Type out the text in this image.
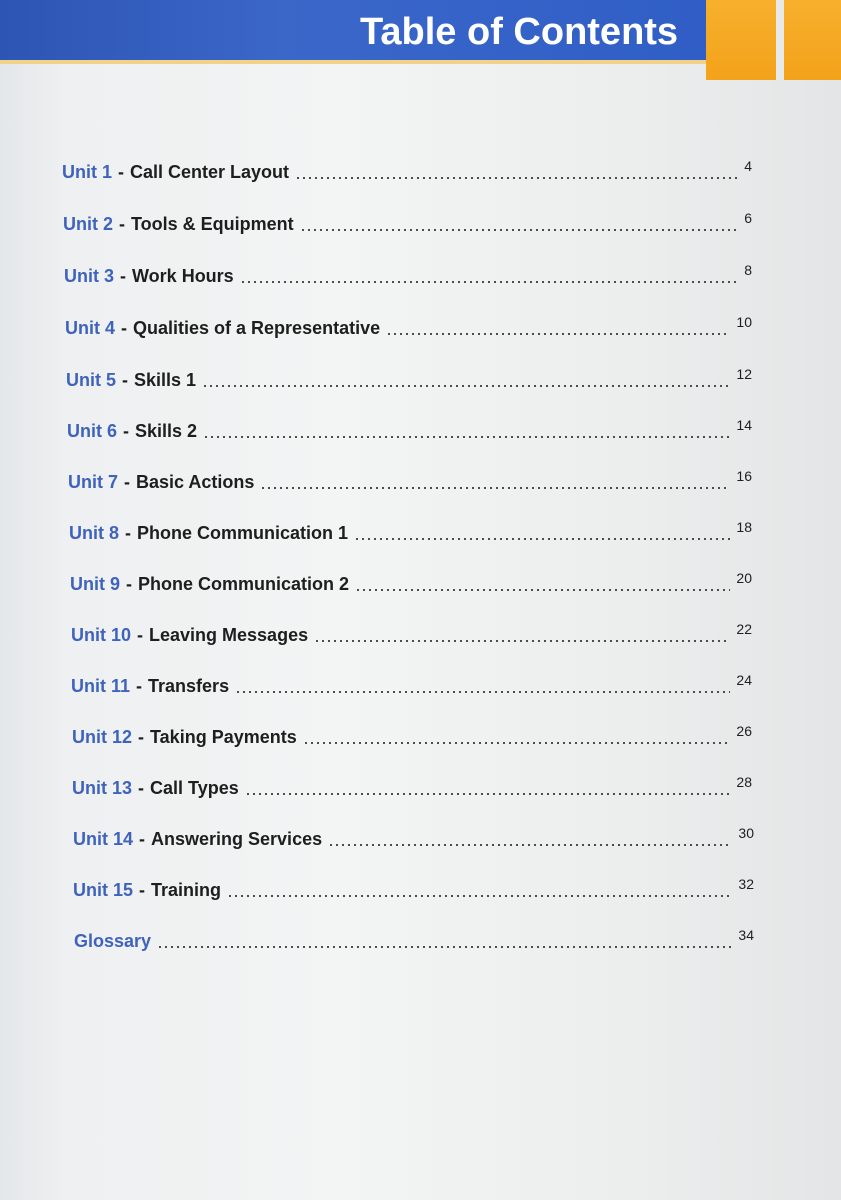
Table of Contents
Unit 1 - Call Center Layout	4
Unit 2 - Tools & Equipment	6
Unit 3 - Work Hours	8
Unit 4 - Qualities of a Representative	10
Unit 5 - Skills 1	12
Unit 6 - Skills 2	14
Unit 7 - Basic Actions	16
Unit 8 - Phone Communication 1	18
Unit 9 - Phone Communication 2	20
Unit 10 - Leaving Messages	22
Unit 11 - Transfers	24
Unit 12 - Taking Payments	26
Unit 13 - Call Types	28
Unit 14 - Answering Services	30
Unit 15 - Training	32
Glossary	34
